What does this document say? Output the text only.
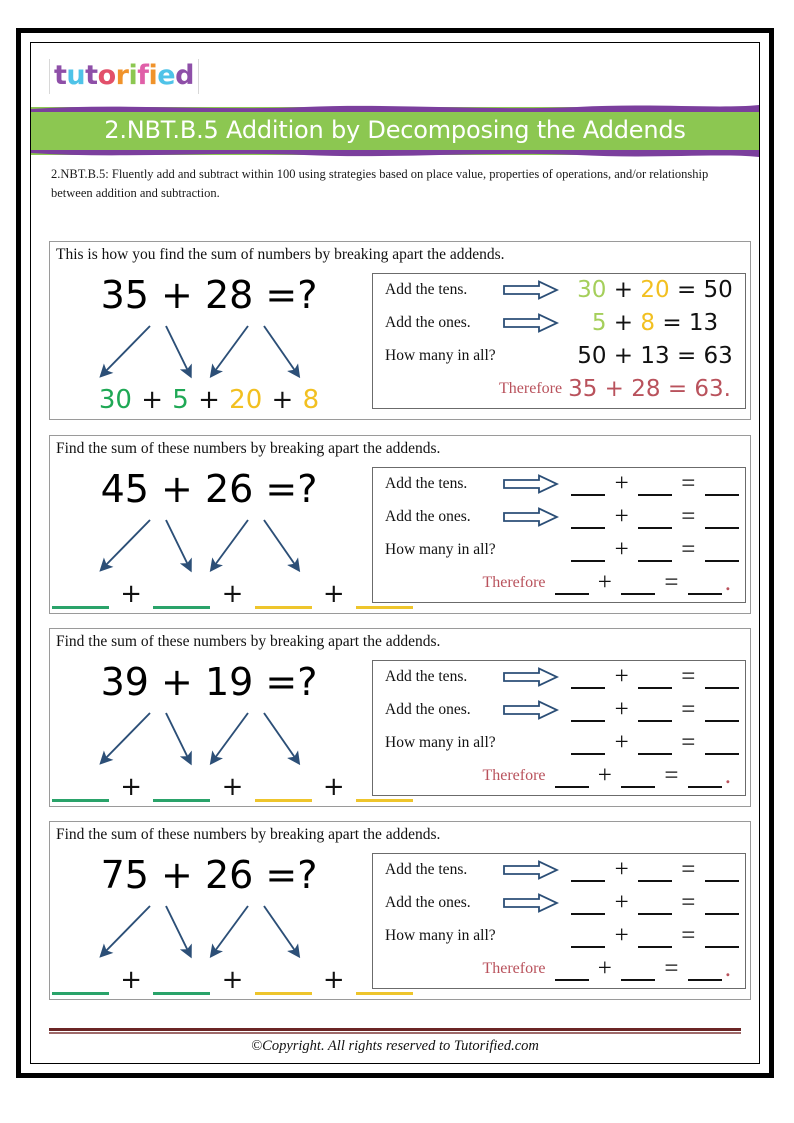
tutorified
2.NBT.B.5 Addition by Decomposing the Addends
2.NBT.B.5: Fluently add and subtract within 100 using strategies based on place value, properties of operations, and/or relationship between addition and subtraction.
This is how you find the sum of numbers by breaking apart the addends.
35 + 28 =?
30 + 5 + 20 + 8
Add the tens.	30 + 20 = 50
Add the ones.	5 + 8 = 13
How many in all?	50 + 13 = 63
Therefore 35 + 28 = 63.
Find the sum of these numbers by breaking apart the addends.
45 + 26 =?
+  +  +
Add the tens.	+ =
Add the ones.	+ =
How many in all?	+ =
Therefore	+ = .
Find the sum of these numbers by breaking apart the addends.
39 + 19 =?
+  +  +
Add the tens.	+ =
Add the ones.	+ =
How many in all?	+ =
Therefore	+ = .
Find the sum of these numbers by breaking apart the addends.
75 + 26 =?
+  +  +
Add the tens.	+ =
Add the ones.	+ =
How many in all?	+ =
Therefore	+ = .
©Copyright. All rights reserved to Tutorified.com
